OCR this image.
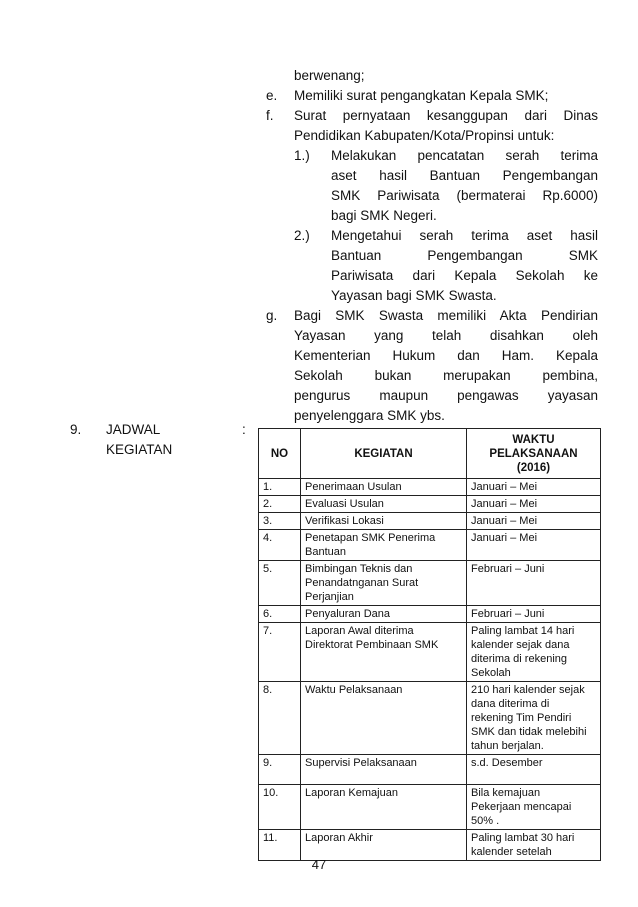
berwenang;
e. Memiliki surat pengangkatan Kepala SMK;
f. Surat pernyataan kesanggupan dari Dinas
Pendidikan Kabupaten/Kota/Propinsi untuk:
1.) Melakukan pencatatan serah terima
aset hasil Bantuan Pengembangan
SMK Pariwisata (bermaterai Rp.6000)
bagi SMK Negeri.
2.) Mengetahui serah terima aset hasil
Bantuan Pengembangan SMK
Pariwisata dari Kepala Sekolah ke
Yayasan bagi SMK Swasta.
g. Bagi SMK Swasta memiliki Akta Pendirian
Yayasan yang telah disahkan oleh
Kementerian Hukum dan Ham. Kepala
Sekolah bukan merupakan pembina,
pengurus maupun pengawas yayasan
penyelenggara SMK ybs.
9. JADWAL
KEGIATAN
:
NO	KEGIATAN	WAKTU
PELAKSANAAN
(2016)
1.	Penerimaan Usulan	Januari – Mei
2.	Evaluasi Usulan	Januari – Mei
3.	Verifikasi Lokasi	Januari – Mei
4.	Penetapan SMK Penerima
Bantuan	Januari – Mei
5.	Bimbingan Teknis dan
Penandatnganan Surat
Perjanjian	Februari – Juni
6.	Penyaluran Dana	Februari – Juni
7.	Laporan Awal diterima
Direktorat Pembinaan SMK	Paling lambat 14 hari
kalender sejak dana
diterima di rekening
Sekolah
8.	Waktu Pelaksanaan	210 hari kalender sejak
dana diterima di
rekening Tim Pendiri
SMK dan tidak melebihi
tahun berjalan.
9.	Supervisi Pelaksanaan	s.d. Desember
10.	Laporan Kemajuan	Bila kemajuan
Pekerjaan mencapai
50% .
11.	Laporan Akhir	Paling lambat 30 hari
kalender setelah
47
